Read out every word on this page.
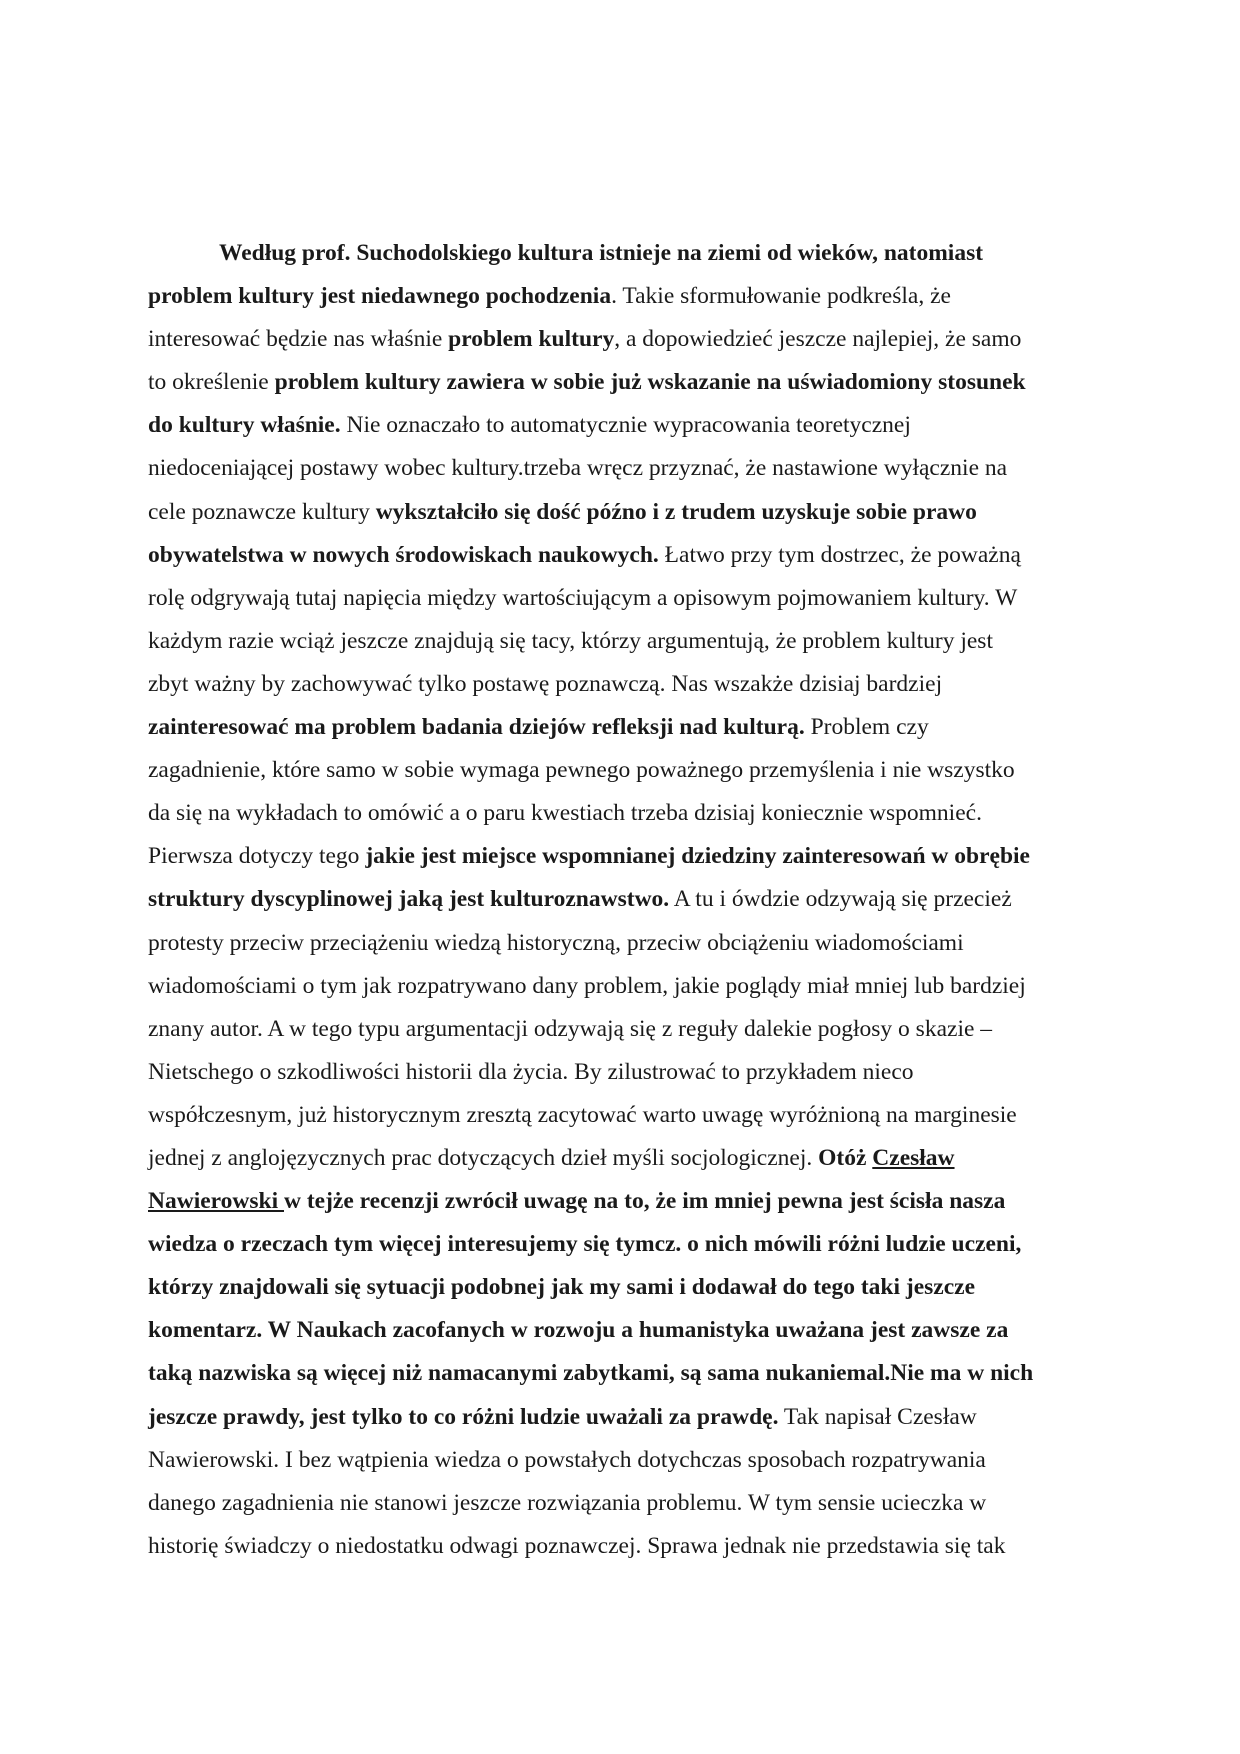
Według prof. Suchodolskiego kultura istnieje na ziemi od wieków, natomiast
problem kultury jest niedawnego pochodzenia. Takie sformułowanie podkreśla, że
interesować będzie nas właśnie problem kultury, a dopowiedzieć jeszcze najlepiej, że samo
to określenie problem kultury zawiera w sobie już wskazanie na uświadomiony stosunek
do kultury właśnie. Nie oznaczało to automatycznie wypracowania teoretycznej
niedoceniającej postawy wobec kultury.trzeba wręcz przyznać, że nastawione wyłącznie na
cele poznawcze kultury wykształciło się dość późno i z trudem uzyskuje sobie prawo
obywatelstwa w nowych środowiskach naukowych. Łatwo przy tym dostrzec, że poważną
rolę odgrywają tutaj napięcia między wartościującym a opisowym pojmowaniem kultury. W
każdym razie wciąż jeszcze znajdują się tacy, którzy argumentują, że problem kultury jest
zbyt ważny by zachowywać tylko postawę poznawczą. Nas wszakże dzisiaj bardziej
zainteresować ma problem badania dziejów refleksji nad kulturą. Problem czy
zagadnienie, które samo w sobie wymaga pewnego poważnego przemyślenia i nie wszystko
da się na wykładach to omówić a o paru kwestiach trzeba dzisiaj koniecznie wspomnieć.
Pierwsza dotyczy tego jakie jest miejsce wspomnianej dziedziny zainteresowań w obrębie
struktury dyscyplinowej jaką jest kulturoznawstwo. A tu i ówdzie odzywają się przecież
protesty przeciw przeciążeniu wiedzą historyczną, przeciw obciążeniu wiadomościami
wiadomościami o tym jak rozpatrywano dany problem, jakie poglądy miał mniej lub bardziej
znany autor. A w tego typu argumentacji odzywają się z reguły dalekie pogłosy o skazie –
Nietschego o szkodliwości historii dla życia. By zilustrować to przykładem nieco
współczesnym, już historycznym zresztą zacytować warto uwagę wyróżnioną na marginesie
jednej z anglojęzycznych prac dotyczących dzieł myśli socjologicznej. Otóż Czesław
Nawierowski w tejże recenzji zwrócił uwagę na to, że im mniej pewna jest ścisła nasza
wiedza o rzeczach tym więcej interesujemy się tymcz. o nich mówili różni ludzie uczeni,
którzy znajdowali się sytuacji podobnej jak my sami i dodawał do tego taki jeszcze
komentarz. W Naukach zacofanych w rozwoju a humanistyka uważana jest zawsze za
taką nazwiska są więcej niż namacanymi zabytkami, są sama nukaniemal.Nie ma w nich
jeszcze prawdy, jest tylko to co różni ludzie uważali za prawdę. Tak napisał Czesław
Nawierowski. I bez wątpienia wiedza o powstałych dotychczas sposobach rozpatrywania
danego zagadnienia nie stanowi jeszcze rozwiązania problemu. W tym sensie ucieczka w
historię świadczy o niedostatku odwagi poznawczej. Sprawa jednak nie przedstawia się tak
